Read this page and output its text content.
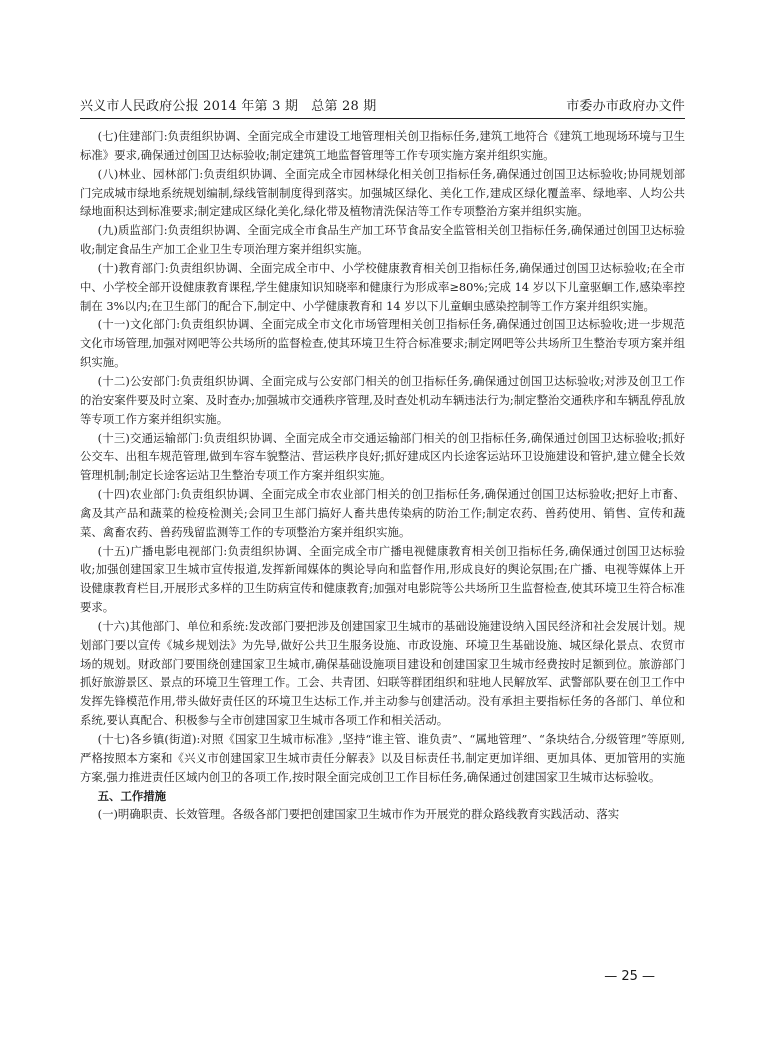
兴义市人民政府公报 2014 年第 3 期　总第 28 期	市委办市政府办文件

(七)住建部门:负责组织协调、全面完成全市建设工地管理相关创卫指标任务,建筑工地符合《建筑工地现场环境与卫生标准》要求,确保通过创国卫达标验收;制定建筑工地监督管理等工作专项实施方案并组织实施。

(八)林业、园林部门:负责组织协调、全面完成全市园林绿化相关创卫指标任务,确保通过创国卫达标验收;协同规划部门完成城市绿地系统规划编制,绿线管制制度得到落实。加强城区绿化、美化工作,建成区绿化覆盖率、绿地率、人均公共绿地面积达到标准要求;制定建成区绿化美化,绿化带及植物清洗保洁等工作专项整治方案并组织实施。

(九)质监部门:负责组织协调、全面完成全市食品生产加工环节食品安全监管相关创卫指标任务,确保通过创国卫达标验收;制定食品生产加工企业卫生专项治理方案并组织实施。

(十)教育部门:负责组织协调、全面完成全市中、小学校健康教育相关创卫指标任务,确保通过创国卫达标验收;在全市中、小学校全部开设健康教育课程,学生健康知识知晓率和健康行为形成率≥80%;完成 14 岁以下儿童驱蛔工作,感染率控制在 3%以内;在卫生部门的配合下,制定中、小学健康教育和 14 岁以下儿童蛔虫感染控制等工作方案并组织实施。

(十一)文化部门:负责组织协调、全面完成全市文化市场管理相关创卫指标任务,确保通过创国卫达标验收;进一步规范文化市场管理,加强对网吧等公共场所的监督检查,使其环境卫生符合标准要求;制定网吧等公共场所卫生整治专项方案并组织实施。

(十二)公安部门:负责组织协调、全面完成与公安部门相关的创卫指标任务,确保通过创国卫达标验收;对涉及创卫工作的治安案件要及时立案、及时查办;加强城市交通秩序管理,及时查处机动车辆违法行为;制定整治交通秩序和车辆乱停乱放等专项工作方案并组织实施。

(十三)交通运输部门:负责组织协调、全面完成全市交通运输部门相关的创卫指标任务,确保通过创国卫达标验收;抓好公交车、出租车规范管理,做到车容车貌整洁、营运秩序良好;抓好建成区内长途客运站环卫设施建设和管护,建立健全长效管理机制;制定长途客运站卫生整治专项工作方案并组织实施。

(十四)农业部门:负责组织协调、全面完成全市农业部门相关的创卫指标任务,确保通过创国卫达标验收;把好上市畜、禽及其产品和蔬菜的检疫检测关;会同卫生部门搞好人畜共患传染病的防治工作;制定农药、兽药使用、销售、宣传和蔬菜、禽畜农药、兽药残留监测等工作的专项整治方案并组织实施。

(十五)广播电影电视部门:负责组织协调、全面完成全市广播电视健康教育相关创卫指标任务,确保通过创国卫达标验收;加强创建国家卫生城市宣传报道,发挥新闻媒体的舆论导向和监督作用,形成良好的舆论氛围;在广播、电视等媒体上开设健康教育栏目,开展形式多样的卫生防病宣传和健康教育;加强对电影院等公共场所卫生监督检查,使其环境卫生符合标准要求。

(十六)其他部门、单位和系统:发改部门要把涉及创建国家卫生城市的基础设施建设纳入国民经济和社会发展计划。规划部门要以宣传《城乡规划法》为先导,做好公共卫生服务设施、市政设施、环境卫生基础设施、城区绿化景点、农贸市场的规划。财政部门要围绕创建国家卫生城市,确保基础设施项目建设和创建国家卫生城市经费按时足额到位。旅游部门抓好旅游景区、景点的环境卫生管理工作。工会、共青团、妇联等群团组织和驻地人民解放军、武警部队要在创卫工作中发挥先锋模范作用,带头做好责任区的环境卫生达标工作,并主动参与创建活动。没有承担主要指标任务的各部门、单位和系统,要认真配合、积极参与全市创建国家卫生城市各项工作和相关活动。

(十七)各乡镇(街道):对照《国家卫生城市标准》,坚持“谁主管、谁负责”、“属地管理”、“条块结合,分级管理”等原则,严格按照本方案和《兴义市创建国家卫生城市责任分解表》以及目标责任书,制定更加详细、更加具体、更加管用的实施方案,强力推进责任区域内创卫的各项工作,按时限全面完成创卫工作目标任务,确保通过创建国家卫生城市达标验收。

五、工作措施

(一)明确职责、长效管理。各级各部门要把创建国家卫生城市作为开展党的群众路线教育实践活动、落实

— 25 —
